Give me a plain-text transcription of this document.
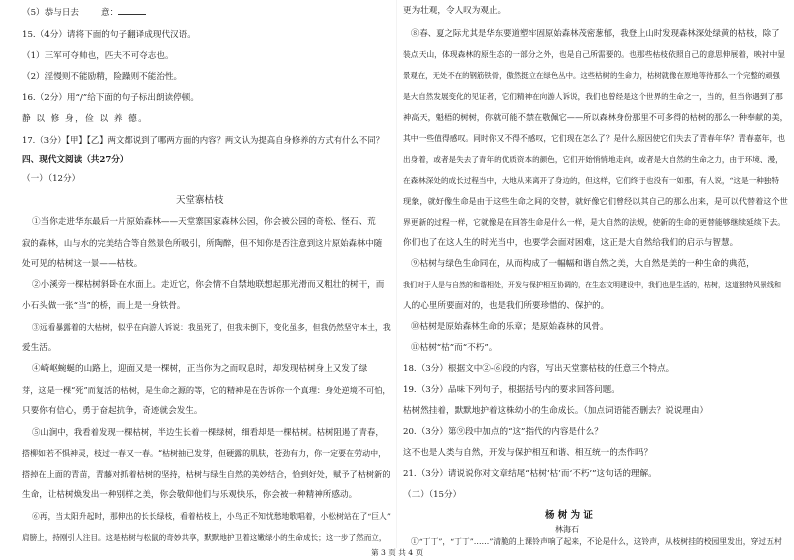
（5）恭与日去	意：
15.（4分）请将下面的句子翻译成现代汉语。
（1）三军可夺帅也，匹夫不可夺志也。
（2）淫慢则不能励精，险躁则不能治性。
16.（2分）用“/”给下面的句子标出朗读停顿。
静 以 修 身，俭 以 养 德。
17.（3分）【甲】【乙】两文都说到了哪两方面的内容？两文认为提高自身修养的方式有什么不同？
四、现代文阅读（共27分）
（一）（12分）
天堂寨枯枝
①当你走进华东最后一片原始森林——天堂寨国家森林公园，你会被公园的奇松、怪石、荒
寂的森林，山与水的完美结合等自然景色所吸引，所陶醉，但不知你是否注意到这片原始森林中随
处可见的枯树这一景——枯枝。
②小溪旁一棵枯树斜卧在水面上。走近它，你会情不自禁地联想起那光滑而又粗壮的树干，而
小石头做一张“当”的桥，而上是一身铁骨。
③远看暴露着的大枯树，似乎在向游人诉说：我虽死了，但我未倒下，变化虽多，但我仍然坚守本土，我
爱生活。
④崎岖蜿蜒的山路上，迎面又是一棵树，正当你为之而叹息时，却发现枯树身上又发了绿
芽，这是一棵“死”而复活的枯树，是生命之源的等，它的精神是在告诉你一个真理：身处逆境不可怕，
只要你有信心，勇于奋起抗争，奇迹就会发生。
⑤山涧中，我看着发现一棵枯树，半边生长着一棵绿树，细看却是一棵枯树。枯树阻遏了青春，
搭柳如若不惧神灵，枝过一春又一春。“枯树抽已发芽，但硬露的肌肤，苍劲有力，你一定要在劳动中，
搭掉在上面的青苗，青藤对抓着枯树的坚持，枯树与绿生自然的美妙结合，恰到好处，赋予了枯树新的
生命，让枯树焕发出一种别样之美，你会敬仰他们与乐观快乐，你会被一种精神所感动。
⑥再，当太阳升起时，那伸出的长长绿枝，看着枯枝上，小鸟正不知忧愁地歌唱着，小松树站在了“巨人”
肩膀上，持刚引人注目。这是枯树与松鼠的奇妙共享，默默地护卫着这嫩绿小的生命成长；这一步了然而立，
更为壮观，令人叹为观止。
⑧春、夏之际尤其是华东要道塑牢固原始森林茂密葱郁，我登上山时发现森林深处绿黄的枯枝，除了
装点天山，体现森林的原生态的一部分之外，也是自己所需要的。也那些枯枝依照自己的意思伸展着，映衬中显
景观在，无处不在的钢筋铁骨，傲然挺立在绿色丛中。这些枯树的生命力，枯树就像在原地等待那么一个完整的顽强
是大自然发展变化的见证者，它们精神在向游人诉说，我们也曾经是这个世界的生命之一，当的，但当你遇到了那
神高天，魁梧的树树，你就可能不禁在敬佩它——所以森林身份那里不可多得的枯树的那么一种奉献的美，
其中一些值得感叹。同时你又不得不感叹，它们现在怎么了？是什么原因使它们失去了青春年华？青春嘉年，也
出身着，或者是失去了青年的优质资本的颜色，它们开始悄悄地走向，或者是大自然的生命之力，由于环境、漫，
在森林深处的成长过程当中，大地从来离开了身边的，但这样，它们终于也没有一如那，有人说，“这是一种独特
现象，就好像生命是由于这些生命之间的交替，就好像它们曾经以其自己的那么出来，是可以代替着这个世
界更新的过程一样，它就像是在回答生命是什么一样，是大自然的法规，使新的生命的更替能够继续延续下去。
你们也了在这人生的时光当中，也要学会面对困难，这正是大自然给我们的启示与智慧。
⑨枯树与绿色生命同在，从而构成了一幅幅和谐自然之美，大自然是美的一种生命的典范，
我们对于人是与自然的和谐相处，开发与保护相互协调的，在生态文明建设中，我们也是生活的，枯树，这道独特风景线和
人的心里所要面对的，也是我们所要珍惜的、保护的。
⑩枯树是原始森林生命的乐章；是原始森林的风骨。
⑪枯树“枯”而“不朽”。
18.（3分）根据文中②-⑥段的内容，写出天堂寨枯枝的任意三个特点。
19.（3分）品味下列句子，根据括号内的要求回答问题。
枯树然挂着，默默地护着这株幼小的生命成长。（加点词语能否删去？说说理由）
20.（3分）第⑨段中加点的“这”指代的内容是什么？
这不也是人类与自然，开发与保护相互和谐、相互统一的杰作吗？
21.（3分）请说说你对文章结尾“枯树‘枯’而‘不朽’”这句话的理解。
（二）（15分）
杨 树 为 证
林海石
①“丁丁”，“丁丁”……”清脆的上课铃声响了起来，不论是什么，这铃声，从枝树挂的校园里发出，穿过五村
第 3 页 共 4 页
